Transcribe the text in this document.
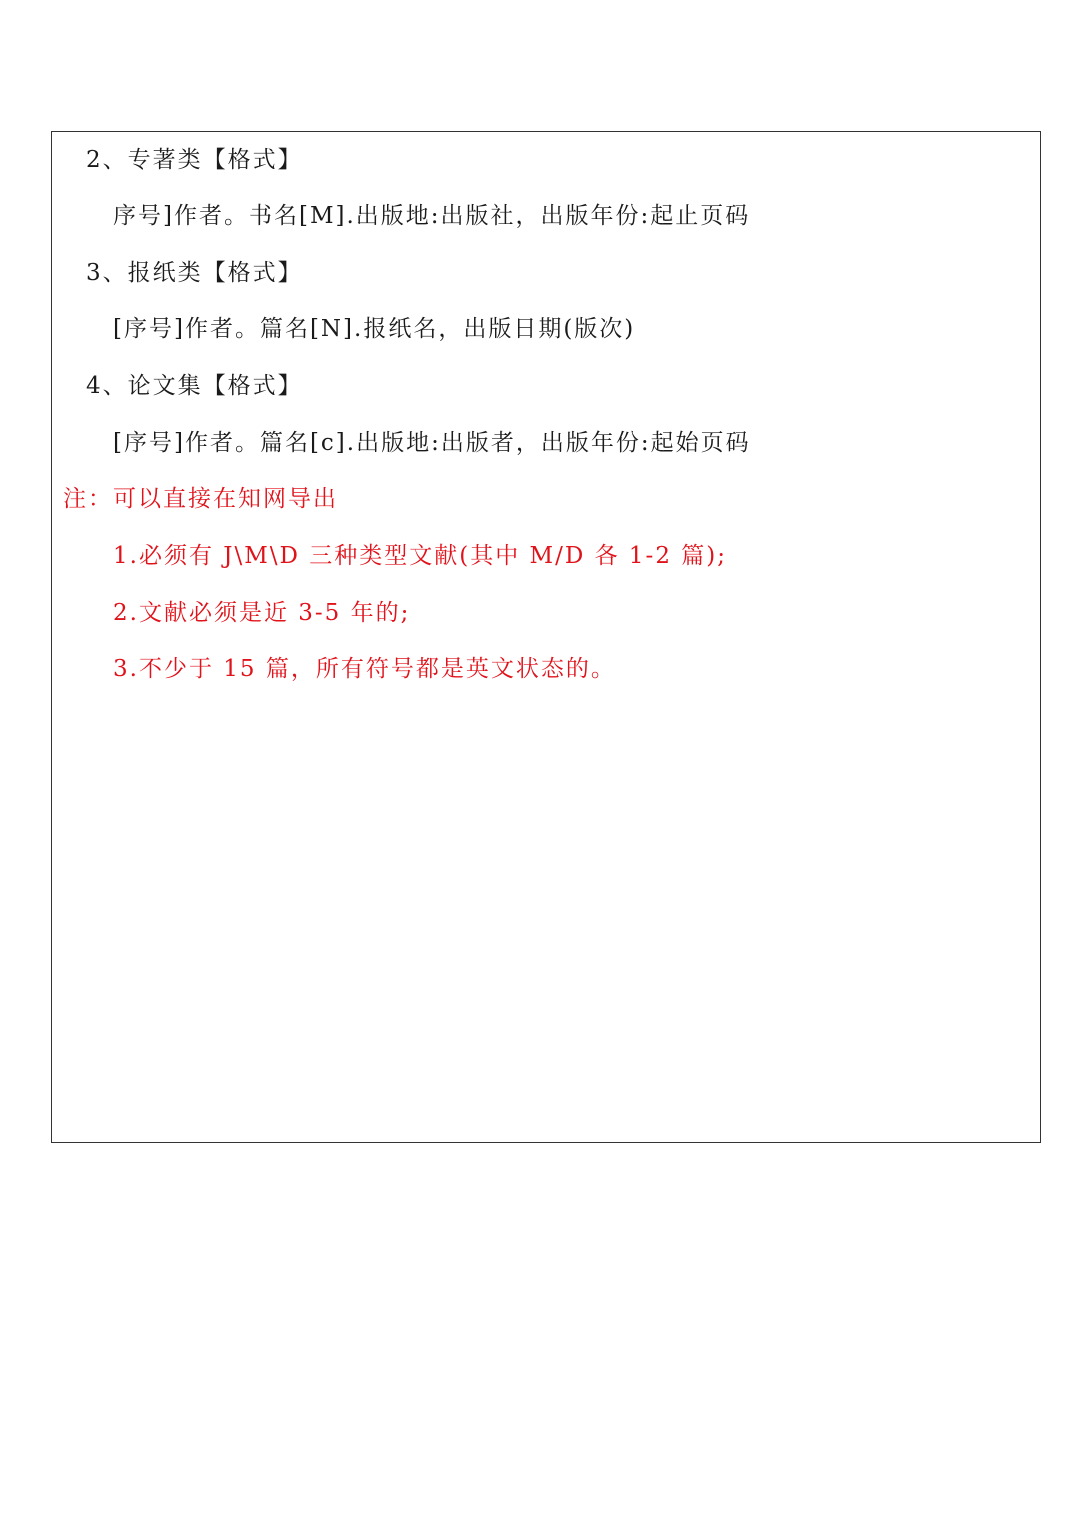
2、专著类【格式】
序号]作者。书名[M].出版地:出版社，出版年份:起止页码
3、报纸类【格式】
[序号]作者。篇名[N].报纸名，出版日期(版次)
4、论文集【格式】
[序号]作者。篇名[c].出版地:出版者，出版年份:起始页码
注：可以直接在知网导出
1.必须有 J\M\D 三种类型文献(其中 M/D 各 1-2 篇);
2.文献必须是近 3-5 年的;
3.不少于 15 篇，所有符号都是英文状态的。
